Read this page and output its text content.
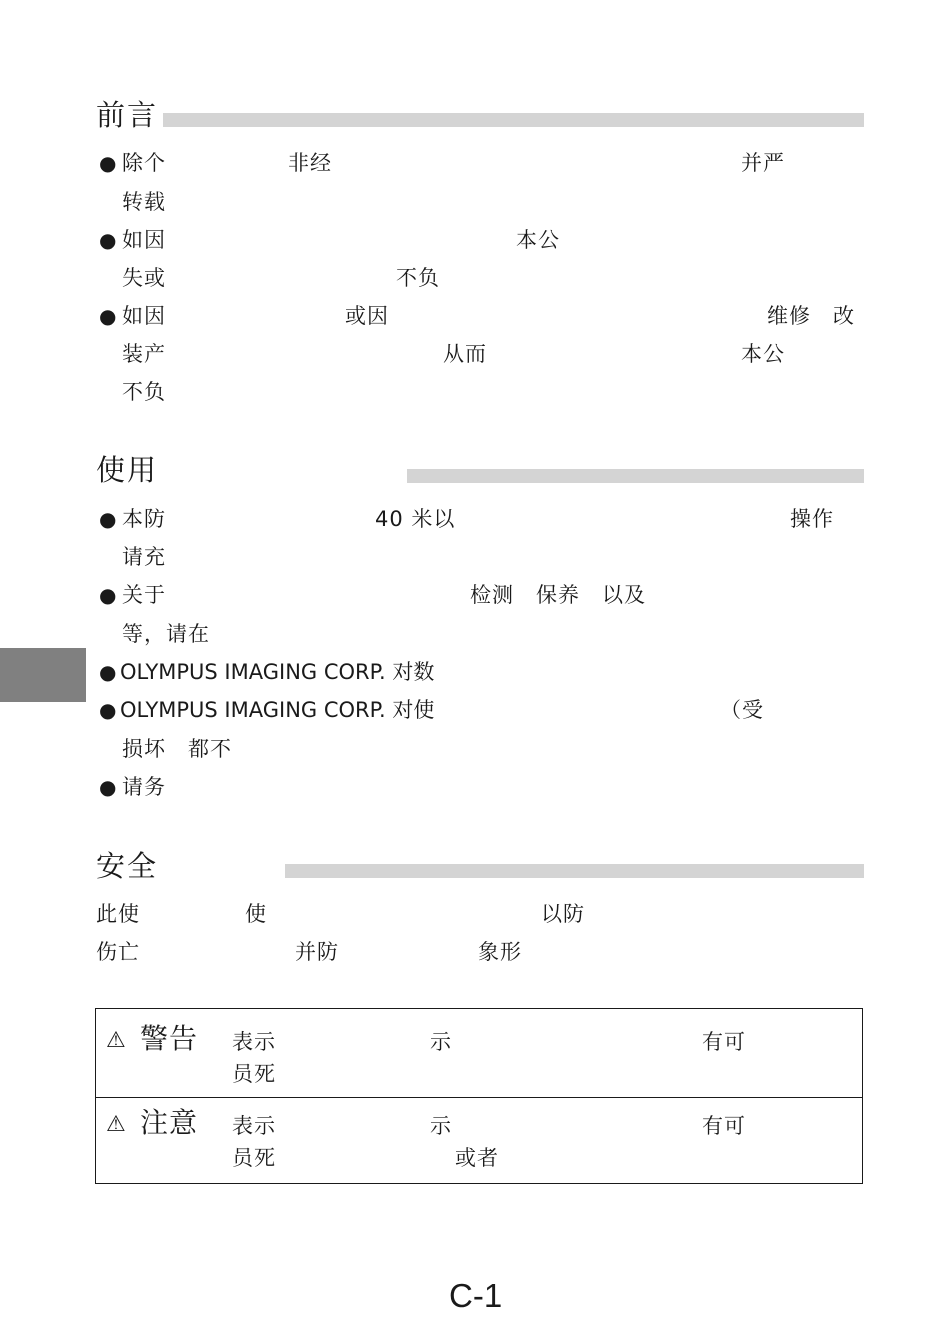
前言
● 除个	非经	并严
转载
● 如因	本公
失或	不负
● 如因	或因	维修　改
装产	从而	本公
不负
使用
● 本防	40 米以	操作
请充
● 关于	检测　保养　以及
等，请在
● OLYMPUS IMAGING CORP. 对数
● OLYMPUS IMAGING CORP. 对使	（受
损坏　都不
● 请务
安全
此使	使	以防
伤亡	并防	象形
⚠ 警告 表示	示	有可
员死
⚠ 注意 表示	示	有可
员死	或者
C-1
